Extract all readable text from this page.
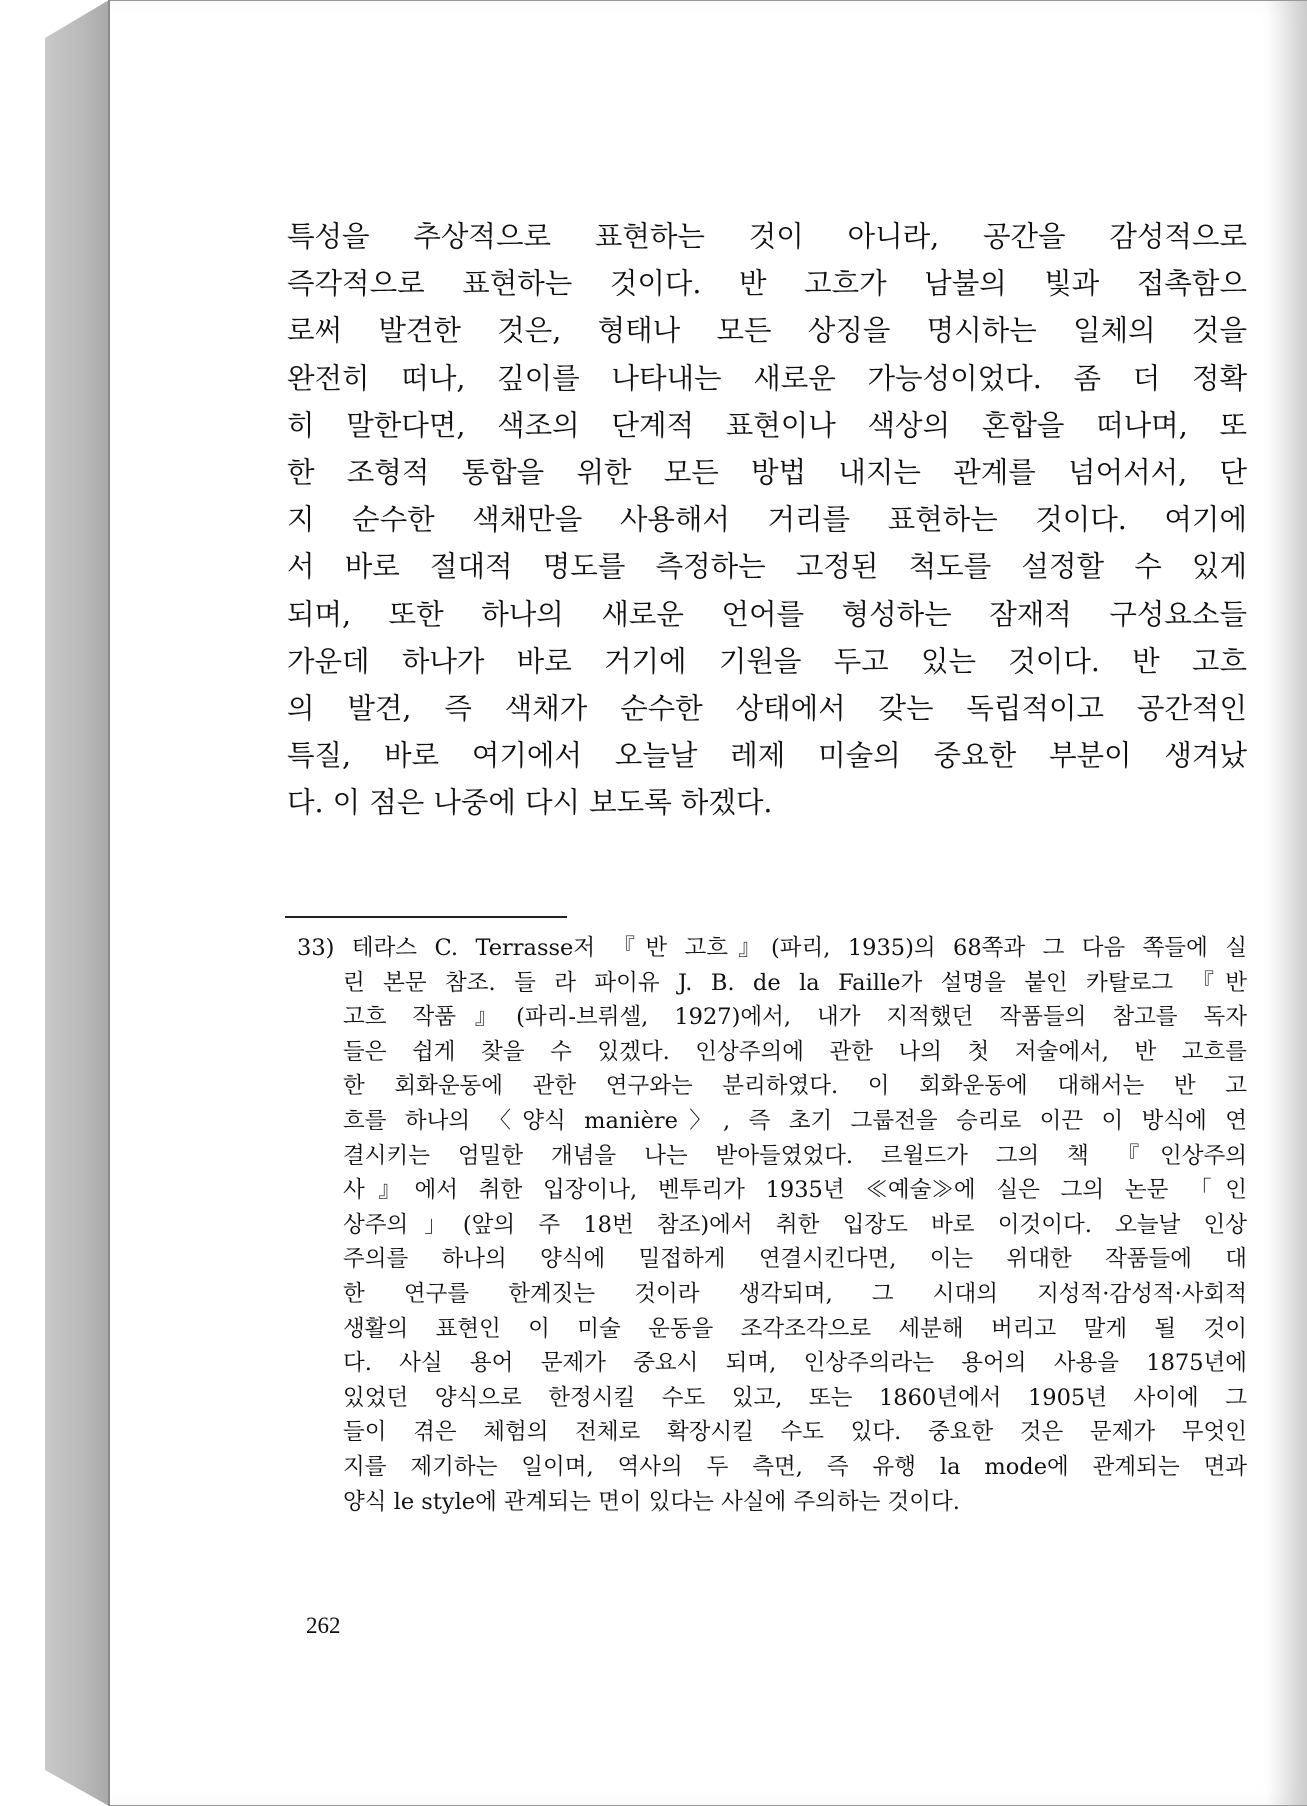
특성을 추상적으로 표현하는 것이 아니라, 공간을 감성적으로
즉각적으로 표현하는 것이다. 반 고흐가 남불의 빛과 접촉함으
로써 발견한 것은, 형태나 모든 상징을 명시하는 일체의 것을
완전히 떠나, 깊이를 나타내는 새로운 가능성이었다. 좀 더 정확
히 말한다면, 색조의 단계적 표현이나 색상의 혼합을 떠나며, 또
한 조형적 통합을 위한 모든 방법 내지는 관계를 넘어서서, 단
지 순수한 색채만을 사용해서 거리를 표현하는 것이다. 여기에
서 바로 절대적 명도를 측정하는 고정된 척도를 설정할 수 있게
되며, 또한 하나의 새로운 언어를 형성하는 잠재적 구성요소들
가운데 하나가 바로 거기에 기원을 두고 있는 것이다. 반 고흐
의 발견, 즉 색채가 순수한 상태에서 갖는 독립적이고 공간적인
특질, 바로 여기에서 오늘날 레제 미술의 중요한 부분이 생겨났
다. 이 점은 나중에 다시 보도록 하겠다.
33) 테라스 C. Terrasse저 『반 고흐』(파리, 1935)의 68쪽과 그 다음 쪽들에 실
린 본문 참조. 들 라 파이유 J. B. de la Faille가 설명을 붙인 카탈로그 『반
고흐 작품』(파리-브뤼셀, 1927)에서, 내가 지적했던 작품들의 참고를 독자
들은 쉽게 찾을 수 있겠다. 인상주의에 관한 나의 첫 저술에서, 반 고흐를
한 회화운동에 관한 연구와는 분리하였다. 이 회화운동에 대해서는 반 고
흐를 하나의 〈양식 manière〉, 즉 초기 그룹전을 승리로 이끈 이 방식에 연
결시키는 엄밀한 개념을 나는 받아들였었다. 르윌드가 그의 책 『인상주의
사』에서 취한 입장이나, 벤투리가 1935년 ≪예술≫에 실은 그의 논문 「인
상주의」(앞의 주 18번 참조)에서 취한 입장도 바로 이것이다. 오늘날 인상
주의를 하나의 양식에 밀접하게 연결시킨다면, 이는 위대한 작품들에 대
한 연구를 한계짓는 것이라 생각되며, 그 시대의 지성적·감성적·사회적
생활의 표현인 이 미술 운동을 조각조각으로 세분해 버리고 말게 될 것이
다. 사실 용어 문제가 중요시 되며, 인상주의라는 용어의 사용을 1875년에
있었던 양식으로 한정시킬 수도 있고, 또는 1860년에서 1905년 사이에 그
들이 겪은 체험의 전체로 확장시킬 수도 있다. 중요한 것은 문제가 무엇인
지를 제기하는 일이며, 역사의 두 측면, 즉 유행 la mode에 관계되는 면과
양식 le style에 관계되는 면이 있다는 사실에 주의하는 것이다.
262
